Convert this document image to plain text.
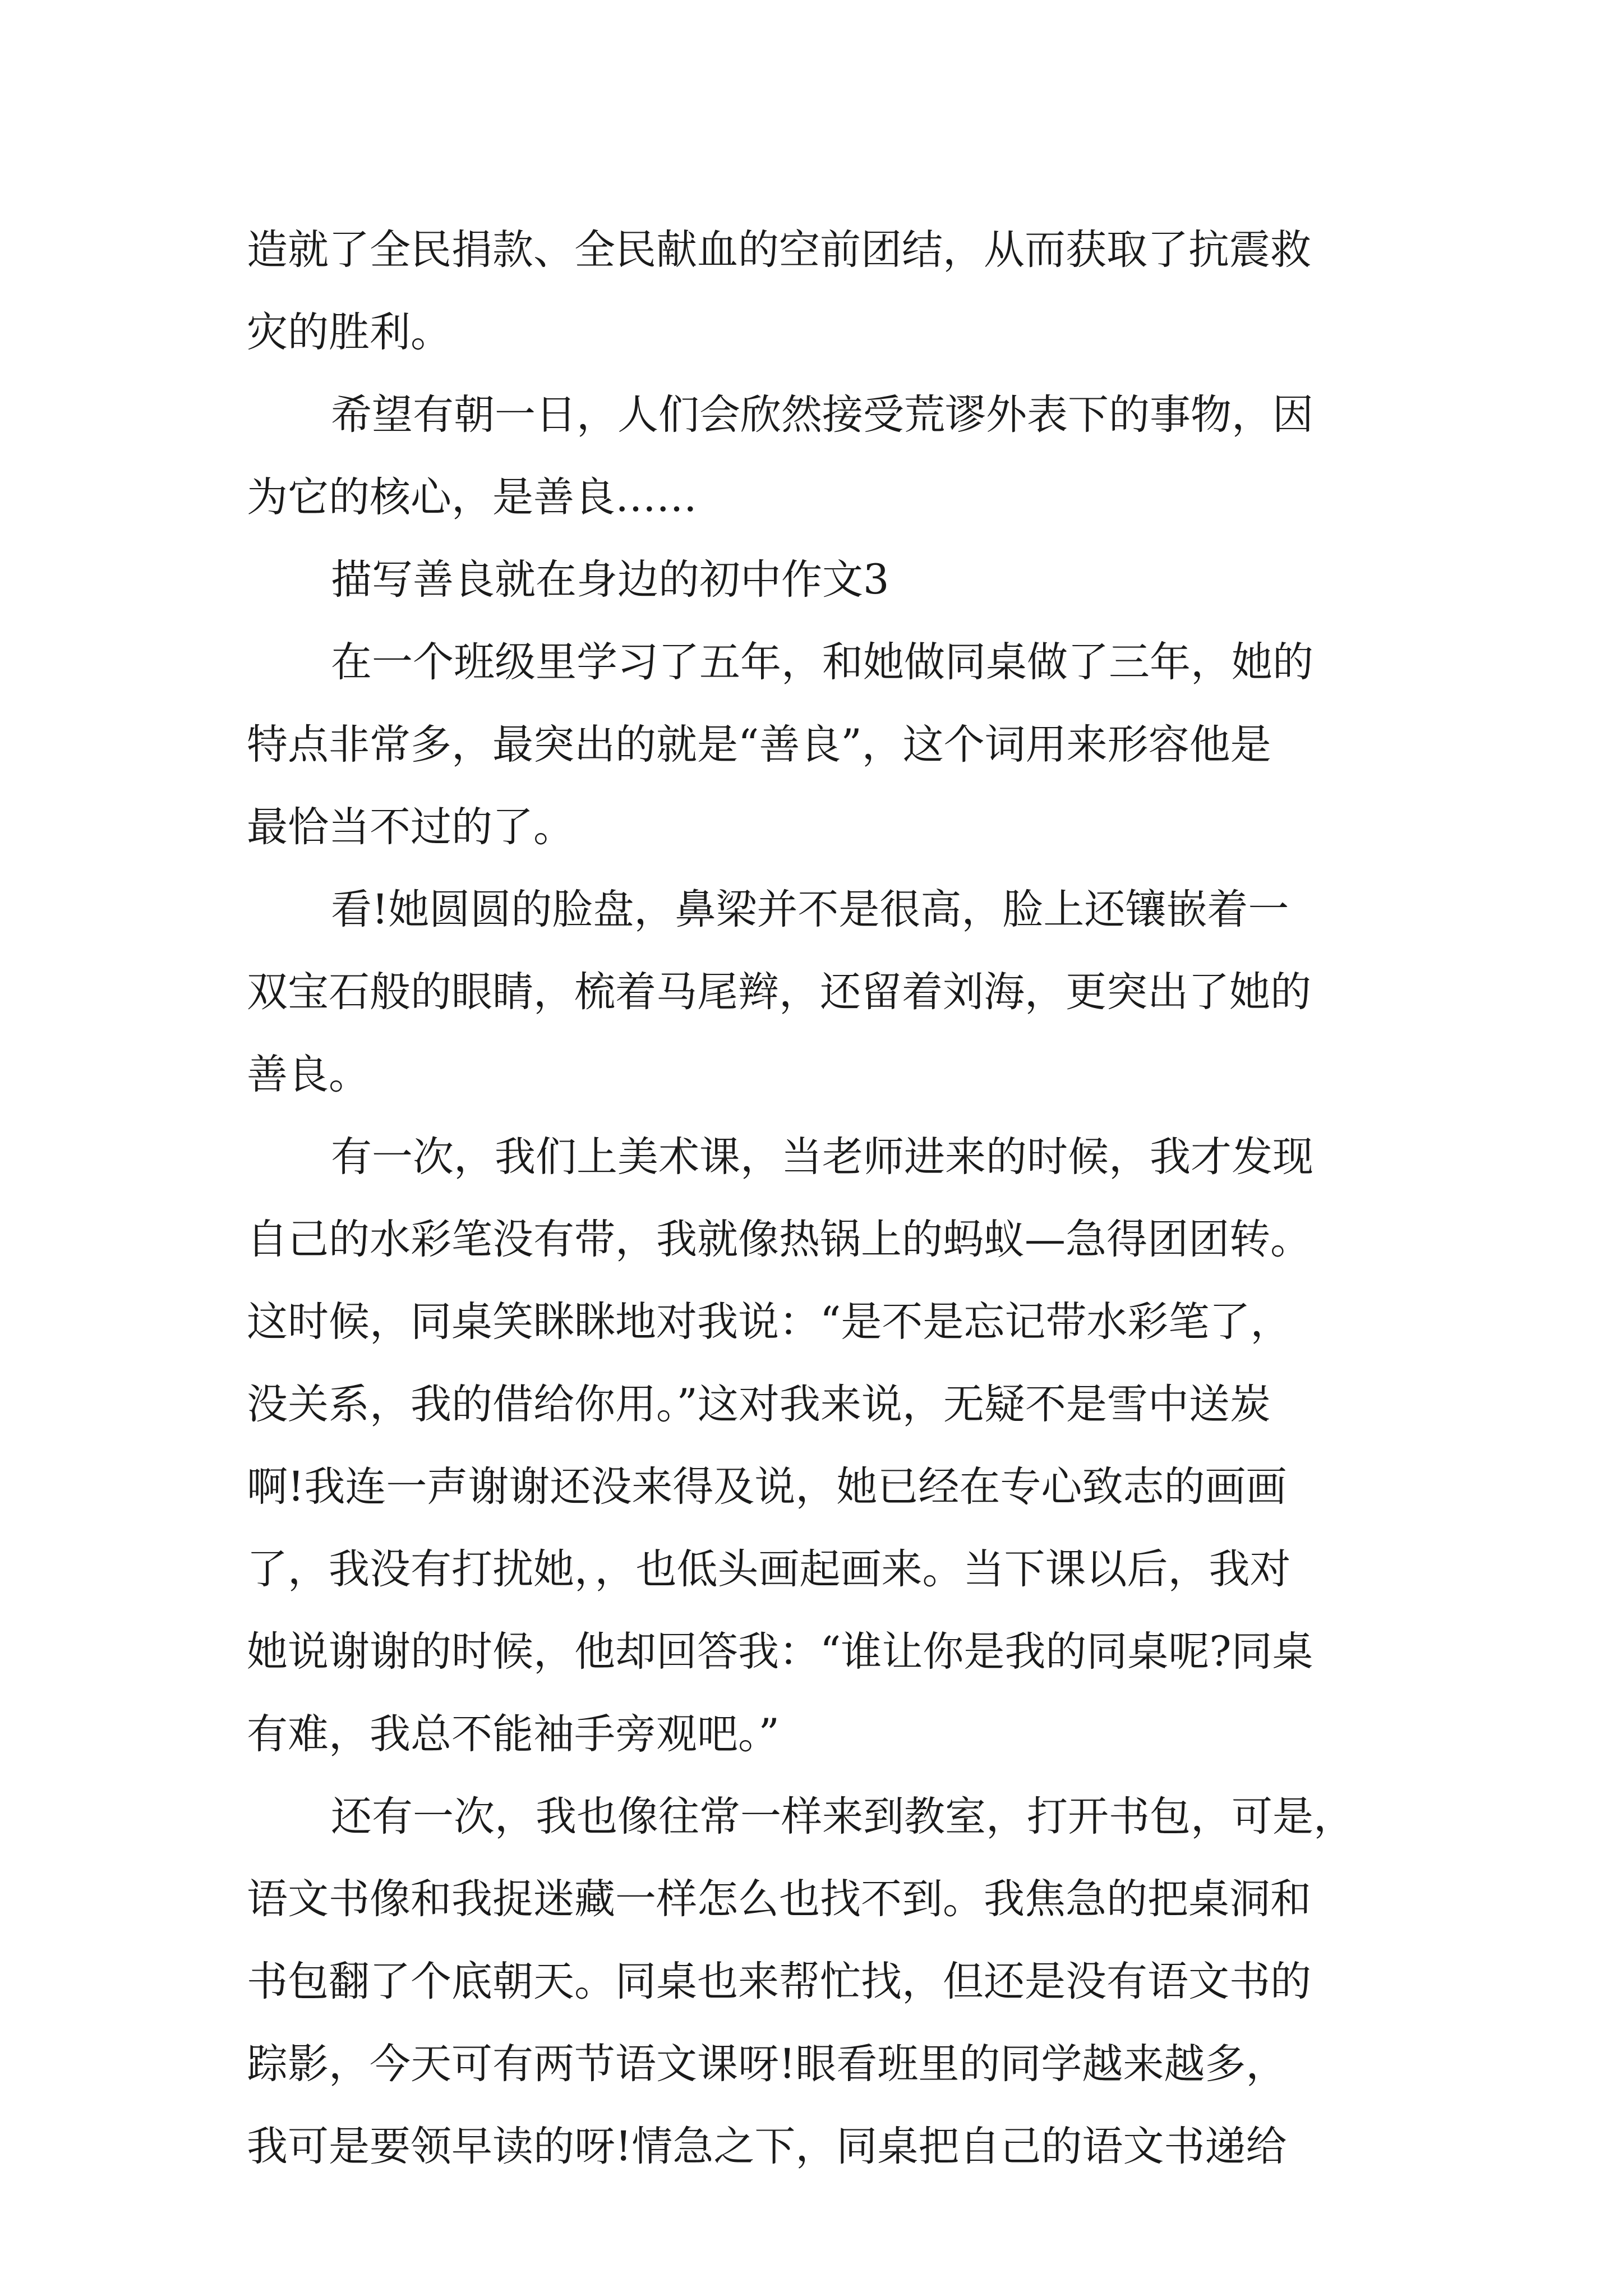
造就了全民捐款、全民献血的空前团结，从而获取了抗震救
灾的胜利。
希望有朝一日，人们会欣然接受荒谬外表下的事物，因
为它的核心，是善良……
描写善良就在身边的初中作文3
在一个班级里学习了五年，和她做同桌做了三年，她的
特点非常多，最突出的就是“善良”，这个词用来形容他是
最恰当不过的了。
看!她圆圆的脸盘，鼻梁并不是很高，脸上还镶嵌着一
双宝石般的眼睛，梳着马尾辫，还留着刘海，更突出了她的
善良。
有一次，我们上美术课，当老师进来的时候，我才发现
自己的水彩笔没有带，我就像热锅上的蚂蚁—急得团团转。
这时候，同桌笑眯眯地对我说：“是不是忘记带水彩笔了，
没关系，我的借给你用。”这对我来说，无疑不是雪中送炭
啊!我连一声谢谢还没来得及说，她已经在专心致志的画画
了，我没有打扰她，，也低头画起画来。当下课以后，我对
她说谢谢的时候，他却回答我：“谁让你是我的同桌呢?同桌
有难，我总不能袖手旁观吧。”
还有一次，我也像往常一样来到教室，打开书包，可是，
语文书像和我捉迷藏一样怎么也找不到。我焦急的把桌洞和
书包翻了个底朝天。同桌也来帮忙找，但还是没有语文书的
踪影，今天可有两节语文课呀!眼看班里的同学越来越多，
我可是要领早读的呀!情急之下，同桌把自己的语文书递给
